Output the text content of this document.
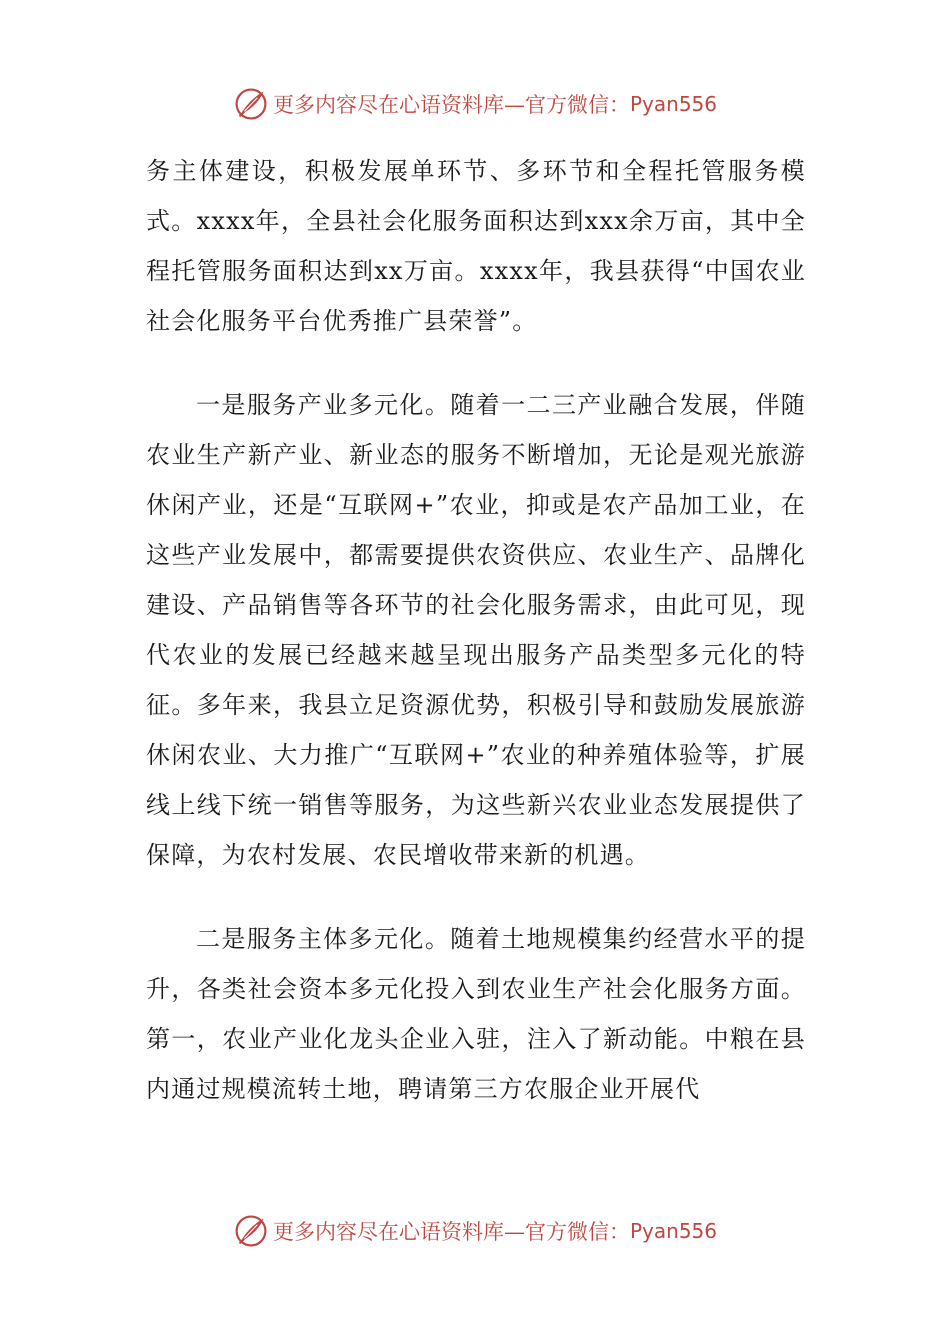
更多内容尽在心语资料库—官方微信： Pyan556

务主体建设，积极发展单环节、多环节和全程托管服务模式。xxxx年，全县社会化服务面积达到xxx余万亩，其中全程托管服务面积达到xx万亩。xxxx年，我县获得“中国农业社会化服务平台优秀推广县荣誉”。

一是服务产业多元化。随着一二三产业融合发展，伴随农业生产新产业、新业态的服务不断增加，无论是观光旅游休闲产业，还是“互联网+”农业，抑或是农产品加工业，在这些产业发展中，都需要提供农资供应、农业生产、品牌化建设、产品销售等各环节的社会化服务需求，由此可见，现代农业的发展已经越来越呈现出服务产品类型多元化的特征。多年来，我县立足资源优势，积极引导和鼓励发展旅游休闲农业、大力推广“互联网+”农业的种养殖体验等，扩展线上线下统一销售等服务，为这些新兴农业业态发展提供了保障，为农村发展、农民增收带来新的机遇。

二是服务主体多元化。随着土地规模集约经营水平的提升，各类社会资本多元化投入到农业生产社会化服务方面。第一，农业产业化龙头企业入驻，注入了新动能。中粮在县内通过规模流转土地，聘请第三方农服企业开展代

更多内容尽在心语资料库—官方微信： Pyan556
